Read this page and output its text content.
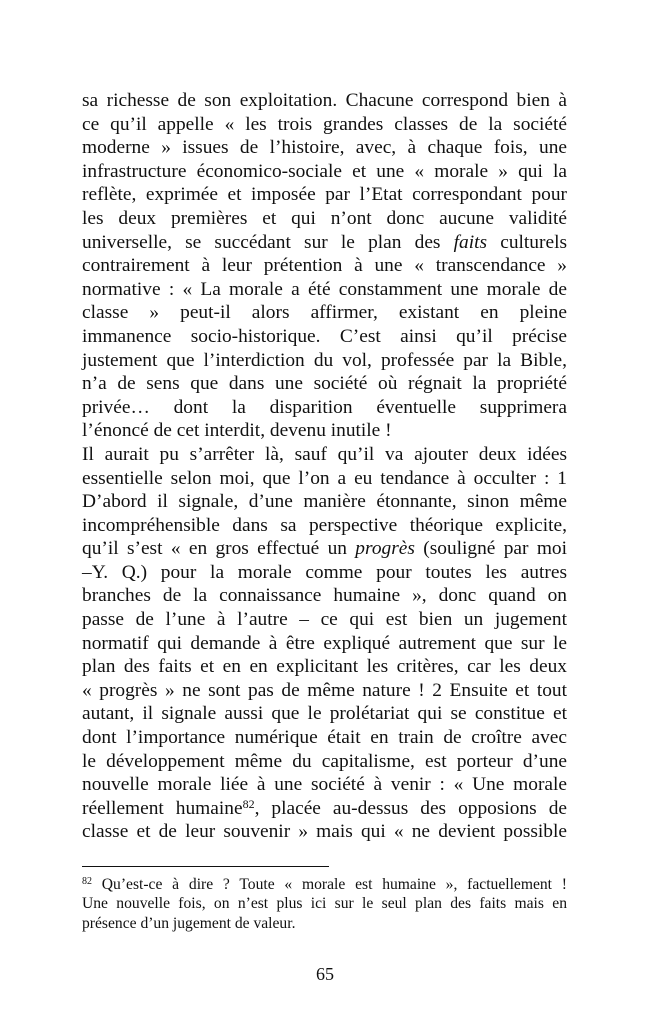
sa richesse de son exploitation. Chacune correspond bien à
ce qu’il appelle « les trois grandes classes de la société
moderne » issues de l’histoire, avec, à chaque fois, une
infrastructure économico-sociale et une « morale » qui la
reflète, exprimée et imposée par l’Etat correspondant pour
les deux premières et qui n’ont donc aucune validité
universelle, se succédant sur le plan des faits culturels
contrairement à leur prétention à une « transcendance »
normative : « La morale a été constamment une morale de
classe » peut-il alors affirmer, existant en pleine
immanence socio-historique. C’est ainsi qu’il précise
justement que l’interdiction du vol, professée par la Bible,
n’a de sens que dans une société où régnait la propriété
privée… dont la disparition éventuelle supprimera
l’énoncé de cet interdit, devenu inutile !
Il aurait pu s’arrêter là, sauf qu’il va ajouter deux idées
essentielle selon moi, que l’on a eu tendance à occulter : 1
D’abord il signale, d’une manière étonnante, sinon même
incompréhensible dans sa perspective théorique explicite,
qu’il s’est « en gros effectué un progrès (souligné par moi
–Y. Q.) pour la morale comme pour toutes les autres
branches de la connaissance humaine », donc quand on
passe de l’une à l’autre – ce qui est bien un jugement
normatif qui demande à être expliqué autrement que sur le
plan des faits et en en explicitant les critères, car les deux
« progrès » ne sont pas de même nature ! 2 Ensuite et tout
autant, il signale aussi que le prolétariat qui se constitue et
dont l’importance numérique était en train de croître avec
le développement même du capitalisme, est porteur d’une
nouvelle morale liée à une société à venir : « Une morale
réellement humaine$^{82}$, placée au-dessus des opposions de
classe et de leur souvenir » mais qui « ne devient possible
$^{82}$ Qu’est-ce à dire ? Toute « morale est humaine », factuellement !
Une nouvelle fois, on n’est plus ici sur le seul plan des faits mais en
présence d’un jugement de valeur.
65
